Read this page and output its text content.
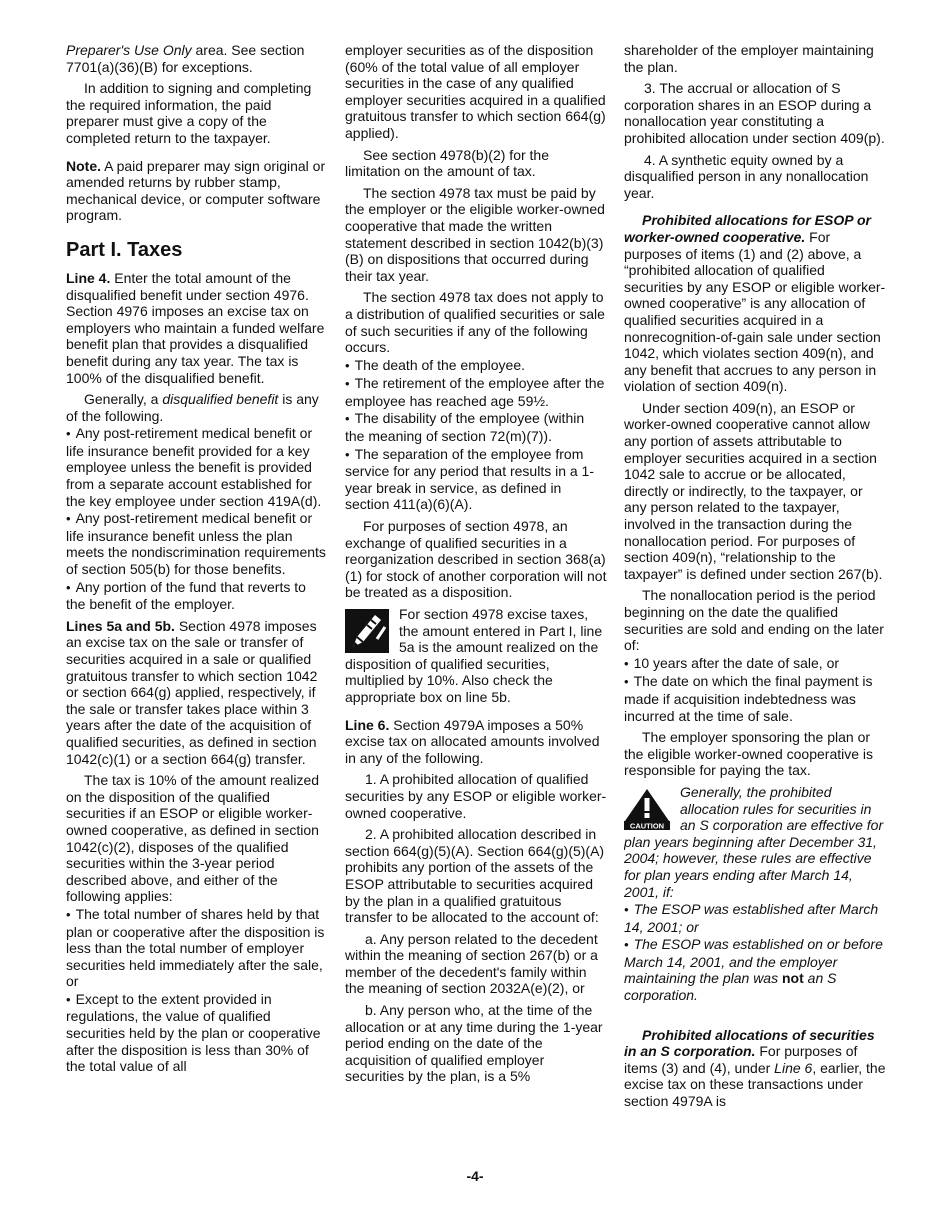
Preparer's Use Only area. See section 7701(a)(36)(B) for exceptions.

In addition to signing and completing the required information, the paid preparer must give a copy of the completed return to the taxpayer.

Note. A paid preparer may sign original or amended returns by rubber stamp, mechanical device, or computer software program.

Part I. Taxes

Line 4. Enter the total amount of the disqualified benefit under section 4976. Section 4976 imposes an excise tax on employers who maintain a funded welfare benefit plan that provides a disqualified benefit during any tax year. The tax is 100% of the disqualified benefit.

Generally, a disqualified benefit is any of the following.

• Any post-retirement medical benefit or life insurance benefit provided for a key employee unless the benefit is provided from a separate account established for the key employee under section 419A(d).

• Any post-retirement medical benefit or life insurance benefit unless the plan meets the nondiscrimination requirements of section 505(b) for those benefits.

• Any portion of the fund that reverts to the benefit of the employer.

Lines 5a and 5b. Section 4978 imposes an excise tax on the sale or transfer of securities acquired in a sale or qualified gratuitous transfer to which section 1042 or section 664(g) applied, respectively, if the sale or transfer takes place within 3 years after the date of the acquisition of qualified securities, as defined in section 1042(c)(1) or a section 664(g) transfer.

The tax is 10% of the amount realized on the disposition of the qualified securities if an ESOP or eligible worker-owned cooperative, as defined in section 1042(c)(2), disposes of the qualified securities within the 3-year period described above, and either of the following applies:

• The total number of shares held by that plan or cooperative after the disposition is less than the total number of employer securities held immediately after the sale, or

• Except to the extent provided in regulations, the value of qualified securities held by the plan or cooperative after the disposition is less than 30% of the total value of all

employer securities as of the disposition (60% of the total value of all employer securities in the case of any qualified employer securities acquired in a qualified gratuitous transfer to which section 664(g) applied).

See section 4978(b)(2) for the limitation on the amount of tax.

The section 4978 tax must be paid by the employer or the eligible worker-owned cooperative that made the written statement described in section 1042(b)(3)(B) on dispositions that occurred during their tax year.

The section 4978 tax does not apply to a distribution of qualified securities or sale of such securities if any of the following occurs.

• The death of the employee.

• The retirement of the employee after the employee has reached age 59½.

• The disability of the employee (within the meaning of section 72(m)(7)).

• The separation of the employee from service for any period that results in a 1-year break in service, as defined in section 411(a)(6)(A).

For purposes of section 4978, an exchange of qualified securities in a reorganization described in section 368(a)(1) for stock of another corporation will not be treated as a disposition.

For section 4978 excise taxes, the amount entered in Part I, line 5a is the amount realized on the disposition of qualified securities, multiplied by 10%. Also check the appropriate box on line 5b.

Line 6. Section 4979A imposes a 50% excise tax on allocated amounts involved in any of the following.

1. A prohibited allocation of qualified securities by any ESOP or eligible worker-owned cooperative.

2. A prohibited allocation described in section 664(g)(5)(A). Section 664(g)(5)(A) prohibits any portion of the assets of the ESOP attributable to securities acquired by the plan in a qualified gratuitous transfer to be allocated to the account of:

a. Any person related to the decedent within the meaning of section 267(b) or a member of the decedent's family within the meaning of section 2032A(e)(2), or

b. Any person who, at the time of the allocation or at any time during the 1-year period ending on the date of the acquisition of qualified employer securities by the plan, is a 5%

shareholder of the employer maintaining the plan.

3. The accrual or allocation of S corporation shares in an ESOP during a nonallocation year constituting a prohibited allocation under section 409(p).

4. A synthetic equity owned by a disqualified person in any nonallocation year.

Prohibited allocations for ESOP or worker-owned cooperative. For purposes of items (1) and (2) above, a “prohibited allocation of qualified securities by any ESOP or eligible worker-owned cooperative” is any allocation of qualified securities acquired in a nonrecognition-of-gain sale under section 1042, which violates section 409(n), and any benefit that accrues to any person in violation of section 409(n).

Under section 409(n), an ESOP or worker-owned cooperative cannot allow any portion of assets attributable to employer securities acquired in a section 1042 sale to accrue or be allocated, directly or indirectly, to the taxpayer, or any person related to the taxpayer, involved in the transaction during the nonallocation period. For purposes of section 409(n), “relationship to the taxpayer” is defined under section 267(b).

The nonallocation period is the period beginning on the date the qualified securities are sold and ending on the later of:

• 10 years after the date of sale, or

• The date on which the final payment is made if acquisition indebtedness was incurred at the time of sale.

The employer sponsoring the plan or the eligible worker-owned cooperative is responsible for paying the tax.

CAUTION

Generally, the prohibited allocation rules for securities in an S corporation are effective for plan years beginning after December 31, 2004; however, these rules are effective for plan years ending after March 14, 2001, if:

• The ESOP was established after March 14, 2001; or

• The ESOP was established on or before March 14, 2001, and the employer maintaining the plan was not an S corporation.

Prohibited allocations of securities in an S corporation. For purposes of items (3) and (4), under Line 6, earlier, the excise tax on these transactions under section 4979A is

-4-
